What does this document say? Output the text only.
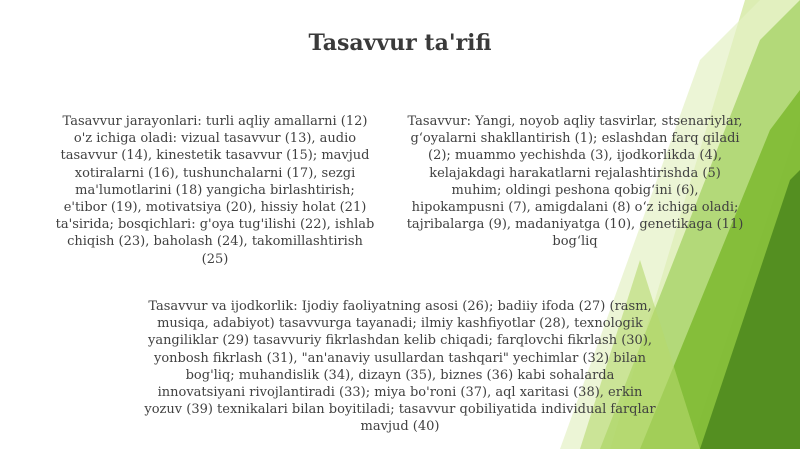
Tasavvur ta'rifi

Tasavvur jarayonlari: turli aqliy amallarni (12) o'z ichiga oladi: vizual tasavvur (13), audio tasavvur (14), kinestetik tasavvur (15); mavjud xotiralarni (16), tushunchalarni (17), sezgi ma'lumotlarini (18) yangicha birlashtirish; e'tibor (19), motivatsiya (20), hissiy holat (21) ta'sirida; bosqichlari: g'oya tug'ilishi (22), ishlab chiqish (23), baholash (24), takomillashtirish (25)

Tasavvur: Yangi, noyob aqliy tasvirlar, stsenariylar, g‘oyalarni shakllantirish (1); eslashdan farq qiladi (2); muammo yechishda (3), ijodkorlikda (4), kelajakdagi harakatlarni rejalashtirishda (5) muhim; oldingi peshona qobig‘ini (6), hipokampusni (7), amigdalani (8) o‘z ichiga oladi; tajribalarga (9), madaniyatga (10), genetikaga (11) bog‘liq

Tasavvur va ijodkorlik: Ijodiy faoliyatning asosi (26); badiiy ifoda (27) (rasm, musiqa, adabiyot) tasavvurga tayanadi; ilmiy kashfiyotlar (28), texnologik yangiliklar (29) tasavvuriy fikrlashdan kelib chiqadi; farqlovchi fikrlash (30), yonbosh fikrlash (31), "an'anaviy usullardan tashqari" yechimlar (32) bilan bog'liq; muhandislik (34), dizayn (35), biznes (36) kabi sohalarda innovatsiyani rivojlantiradi (33); miya bo'roni (37), aql xaritasi (38), erkin yozuv (39) texnikalari bilan boyitiladi; tasavvur qobiliyatida individual farqlar mavjud (40)
